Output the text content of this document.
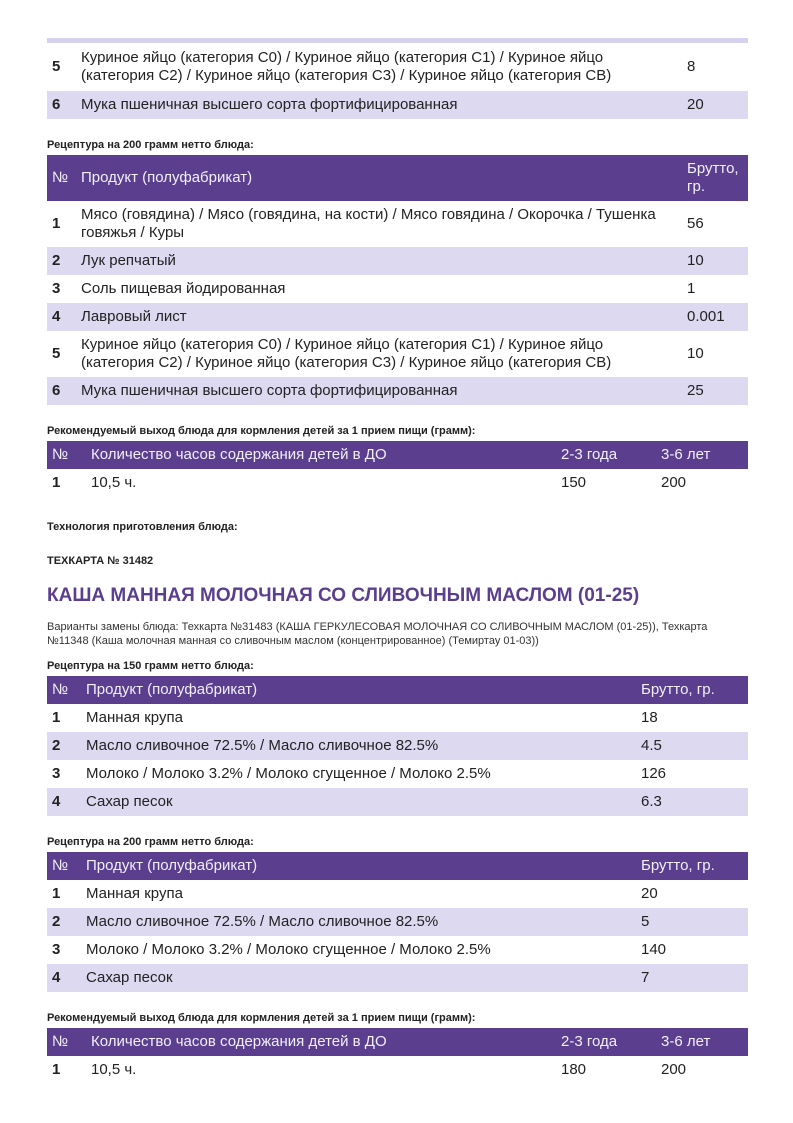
5	Куриное яйцо (категория С0) / Куриное яйцо (категория С1) / Куриное яйцо (категория С2) / Куриное яйцо (категория С3) / Куриное яйцо (категория СВ)	8
6	Мука пшеничная высшего сорта фортифицированная	20

Рецептура на 200 грамм нетто блюда:

№	Продукт (полуфабрикат)	Брутто, гр.
1	Мясо (говядина) / Мясо (говядина, на кости) / Мясо говядина / Окорочка / Тушенка говяжья / Куры	56
2	Лук репчатый	10
3	Соль пищевая йодированная	1
4	Лавровый лист	0.001
5	Куриное яйцо (категория С0) / Куриное яйцо (категория С1) / Куриное яйцо (категория С2) / Куриное яйцо (категория С3) / Куриное яйцо (категория СВ)	10
6	Мука пшеничная высшего сорта фортифицированная	25

Рекомендуемый выход блюда для кормления детей за 1 прием пищи (грамм):

№	Количество часов содержания детей в ДО	2-3 года	3-6 лет
1	10,5 ч.	150	200

Технология приготовления блюда:

ТЕХКАРТА № 31482

КАША МАННАЯ МОЛОЧНАЯ СО СЛИВОЧНЫМ МАСЛОМ (01-25)

Варианты замены блюда: Техкарта №31483 (КАША ГЕРКУЛЕСОВАЯ МОЛОЧНАЯ СО СЛИВОЧНЫМ МАСЛОМ (01-25)), Техкарта №11348 (Каша молочная манная со сливочным маслом (концентрированное) (Темиртау 01-03))

Рецептура на 150 грамм нетто блюда:

№	Продукт (полуфабрикат)	Брутто, гр.
1	Манная крупа	18
2	Масло сливочное 72.5% / Масло сливочное 82.5%	4.5
3	Молоко / Молоко 3.2% / Молоко сгущенное / Молоко 2.5%	126
4	Сахар песок	6.3

Рецептура на 200 грамм нетто блюда:

№	Продукт (полуфабрикат)	Брутто, гр.
1	Манная крупа	20
2	Масло сливочное 72.5% / Масло сливочное 82.5%	5
3	Молоко / Молоко 3.2% / Молоко сгущенное / Молоко 2.5%	140
4	Сахар песок	7

Рекомендуемый выход блюда для кормления детей за 1 прием пищи (грамм):

№	Количество часов содержания детей в ДО	2-3 года	3-6 лет
1	10,5 ч.	180	200
